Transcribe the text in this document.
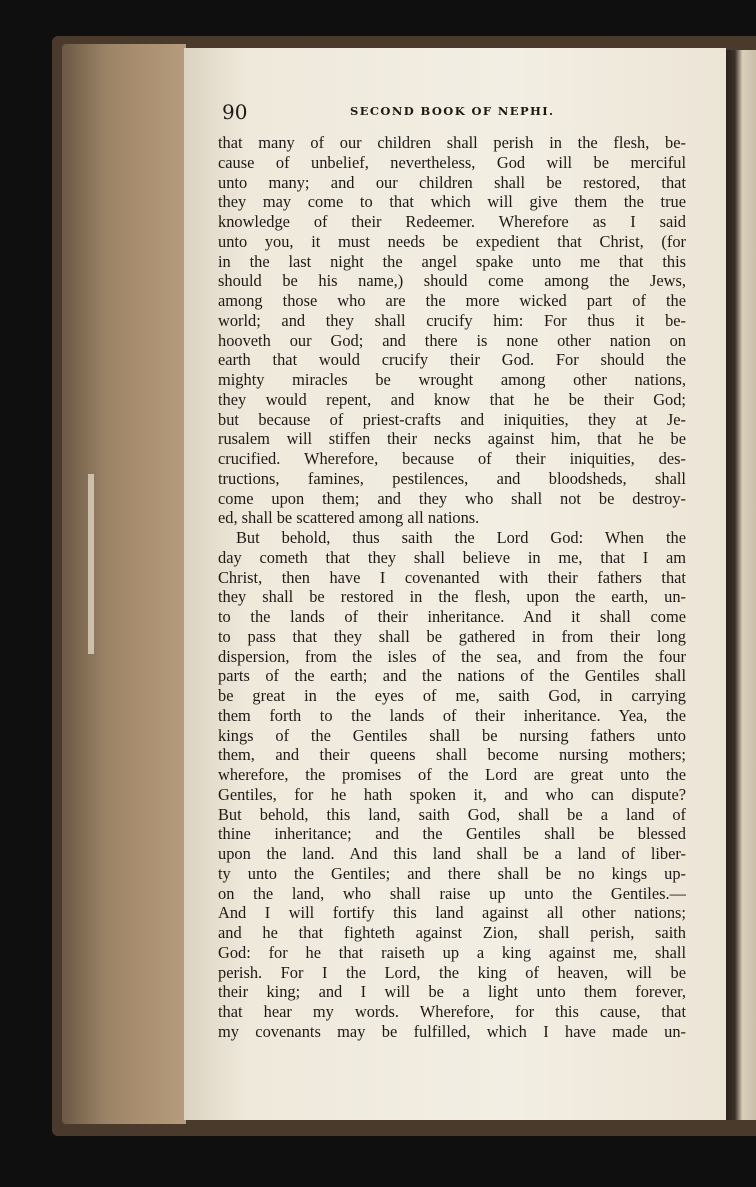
90	SECOND BOOK OF NEPHI.
that many of our children shall perish in the flesh, be-
cause of unbelief, nevertheless, God will be merciful
unto many; and our children shall be restored, that
they may come to that which will give them the true
knowledge of their Redeemer. Wherefore as I said
unto you, it must needs be expedient that Christ, (for
in the last night the angel spake unto me that this
should be his name,) should come among the Jews,
among those who are the more wicked part of the
world; and they shall crucify him: For thus it be-
hooveth our God; and there is none other nation on
earth that would crucify their God. For should the
mighty miracles be wrought among other nations,
they would repent, and know that he be their God;
but because of priest-crafts and iniquities, they at Je-
rusalem will stiffen their necks against him, that he be
crucified. Wherefore, because of their iniquities, des-
tructions, famines, pestilences, and bloodsheds, shall
come upon them; and they who shall not be destroy-
ed, shall be scattered among all nations.
But behold, thus saith the Lord God: When the
day cometh that they shall believe in me, that I am
Christ, then have I covenanted with their fathers that
they shall be restored in the flesh, upon the earth, un-
to the lands of their inheritance. And it shall come
to pass that they shall be gathered in from their long
dispersion, from the isles of the sea, and from the four
parts of the earth; and the nations of the Gentiles shall
be great in the eyes of me, saith God, in carrying
them forth to the lands of their inheritance. Yea, the
kings of the Gentiles shall be nursing fathers unto
them, and their queens shall become nursing mothers;
wherefore, the promises of the Lord are great unto the
Gentiles, for he hath spoken it, and who can dispute?
But behold, this land, saith God, shall be a land of
thine inheritance; and the Gentiles shall be blessed
upon the land. And this land shall be a land of liber-
ty unto the Gentiles; and there shall be no kings up-
on the land, who shall raise up unto the Gentiles.—
And I will fortify this land against all other nations;
and he that fighteth against Zion, shall perish, saith
God: for he that raiseth up a king against me, shall
perish. For I the Lord, the king of heaven, will be
their king; and I will be a light unto them forever,
that hear my words. Wherefore, for this cause, that
my covenants may be fulfilled, which I have made un-
